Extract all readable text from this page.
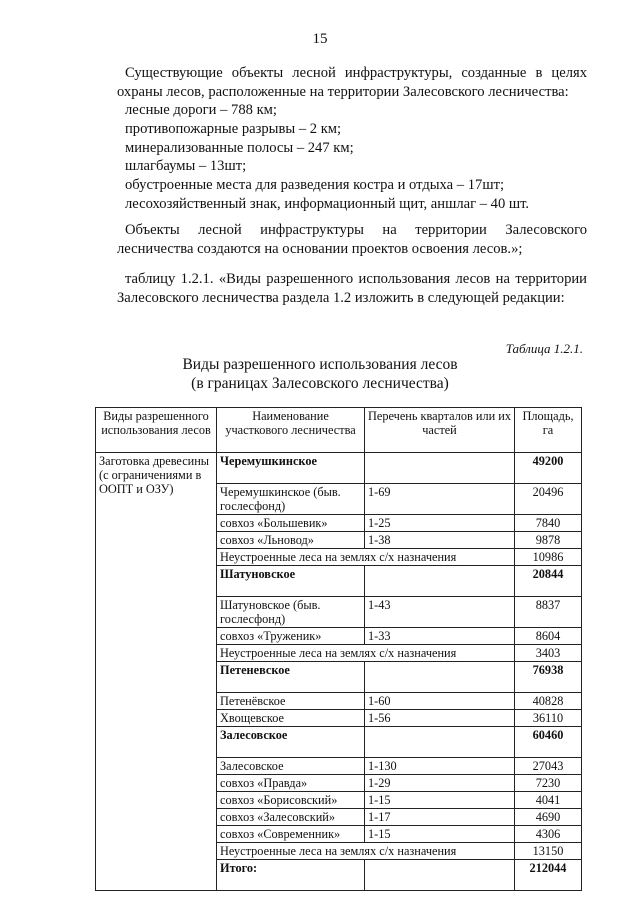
15
Существующие объекты лесной инфраструктуры, созданные в целях охраны лесов, расположенные на территории Залесовского лесничества:
лесные дороги – 788 км;
противопожарные разрывы – 2 км;
минерализованные полосы – 247 км;
шлагбаумы – 13шт;
обустроенные места для разведения костра и отдыха – 17шт;
лесохозяйственный знак, информационный щит, аншлаг – 40 шт.
Объекты лесной инфраструктуры на территории Залесовского лесничества создаются на основании проектов освоения лесов.»;
таблицу 1.2.1. «Виды разрешенного использования лесов на территории Залесовского лесничества раздела 1.2 изложить в следующей редакции:
Таблица 1.2.1.
Виды разрешенного использования лесов
(в границах Залесовского лесничества)
Виды разрешенного использования лесов	Наименование участкового лесничества	Перечень кварталов или их частей	Площадь, га
Заготовка древесины (с ограничениями в ООПТ и ОЗУ)	Черемушкинское		49200
	Черемушкинское (быв. гослесфонд)	1-69	20496
	совхоз «Большевик»	1-25	7840
	совхоз «Льновод»	1-38	9878
	Неустроенные леса на землях с/х назначения		10986
	Шатуновское		20844
	Шатуновское (быв. гослесфонд)	1-43	8837
	совхоз «Труженик»	1-33	8604
	Неустроенные леса на землях с/х назначения		3403
	Петеневское		76938
	Петенёвское	1-60	40828
	Хвощевское	1-56	36110
	Залесовское		60460
	Залесовское	1-130	27043
	совхоз «Правда»	1-29	7230
	совхоз «Борисовский»	1-15	4041
	совхоз «Залесовский»	1-17	4690
	совхоз «Современник»	1-15	4306
	Неустроенные леса на землях с/х назначения		13150
	Итого:		212044
